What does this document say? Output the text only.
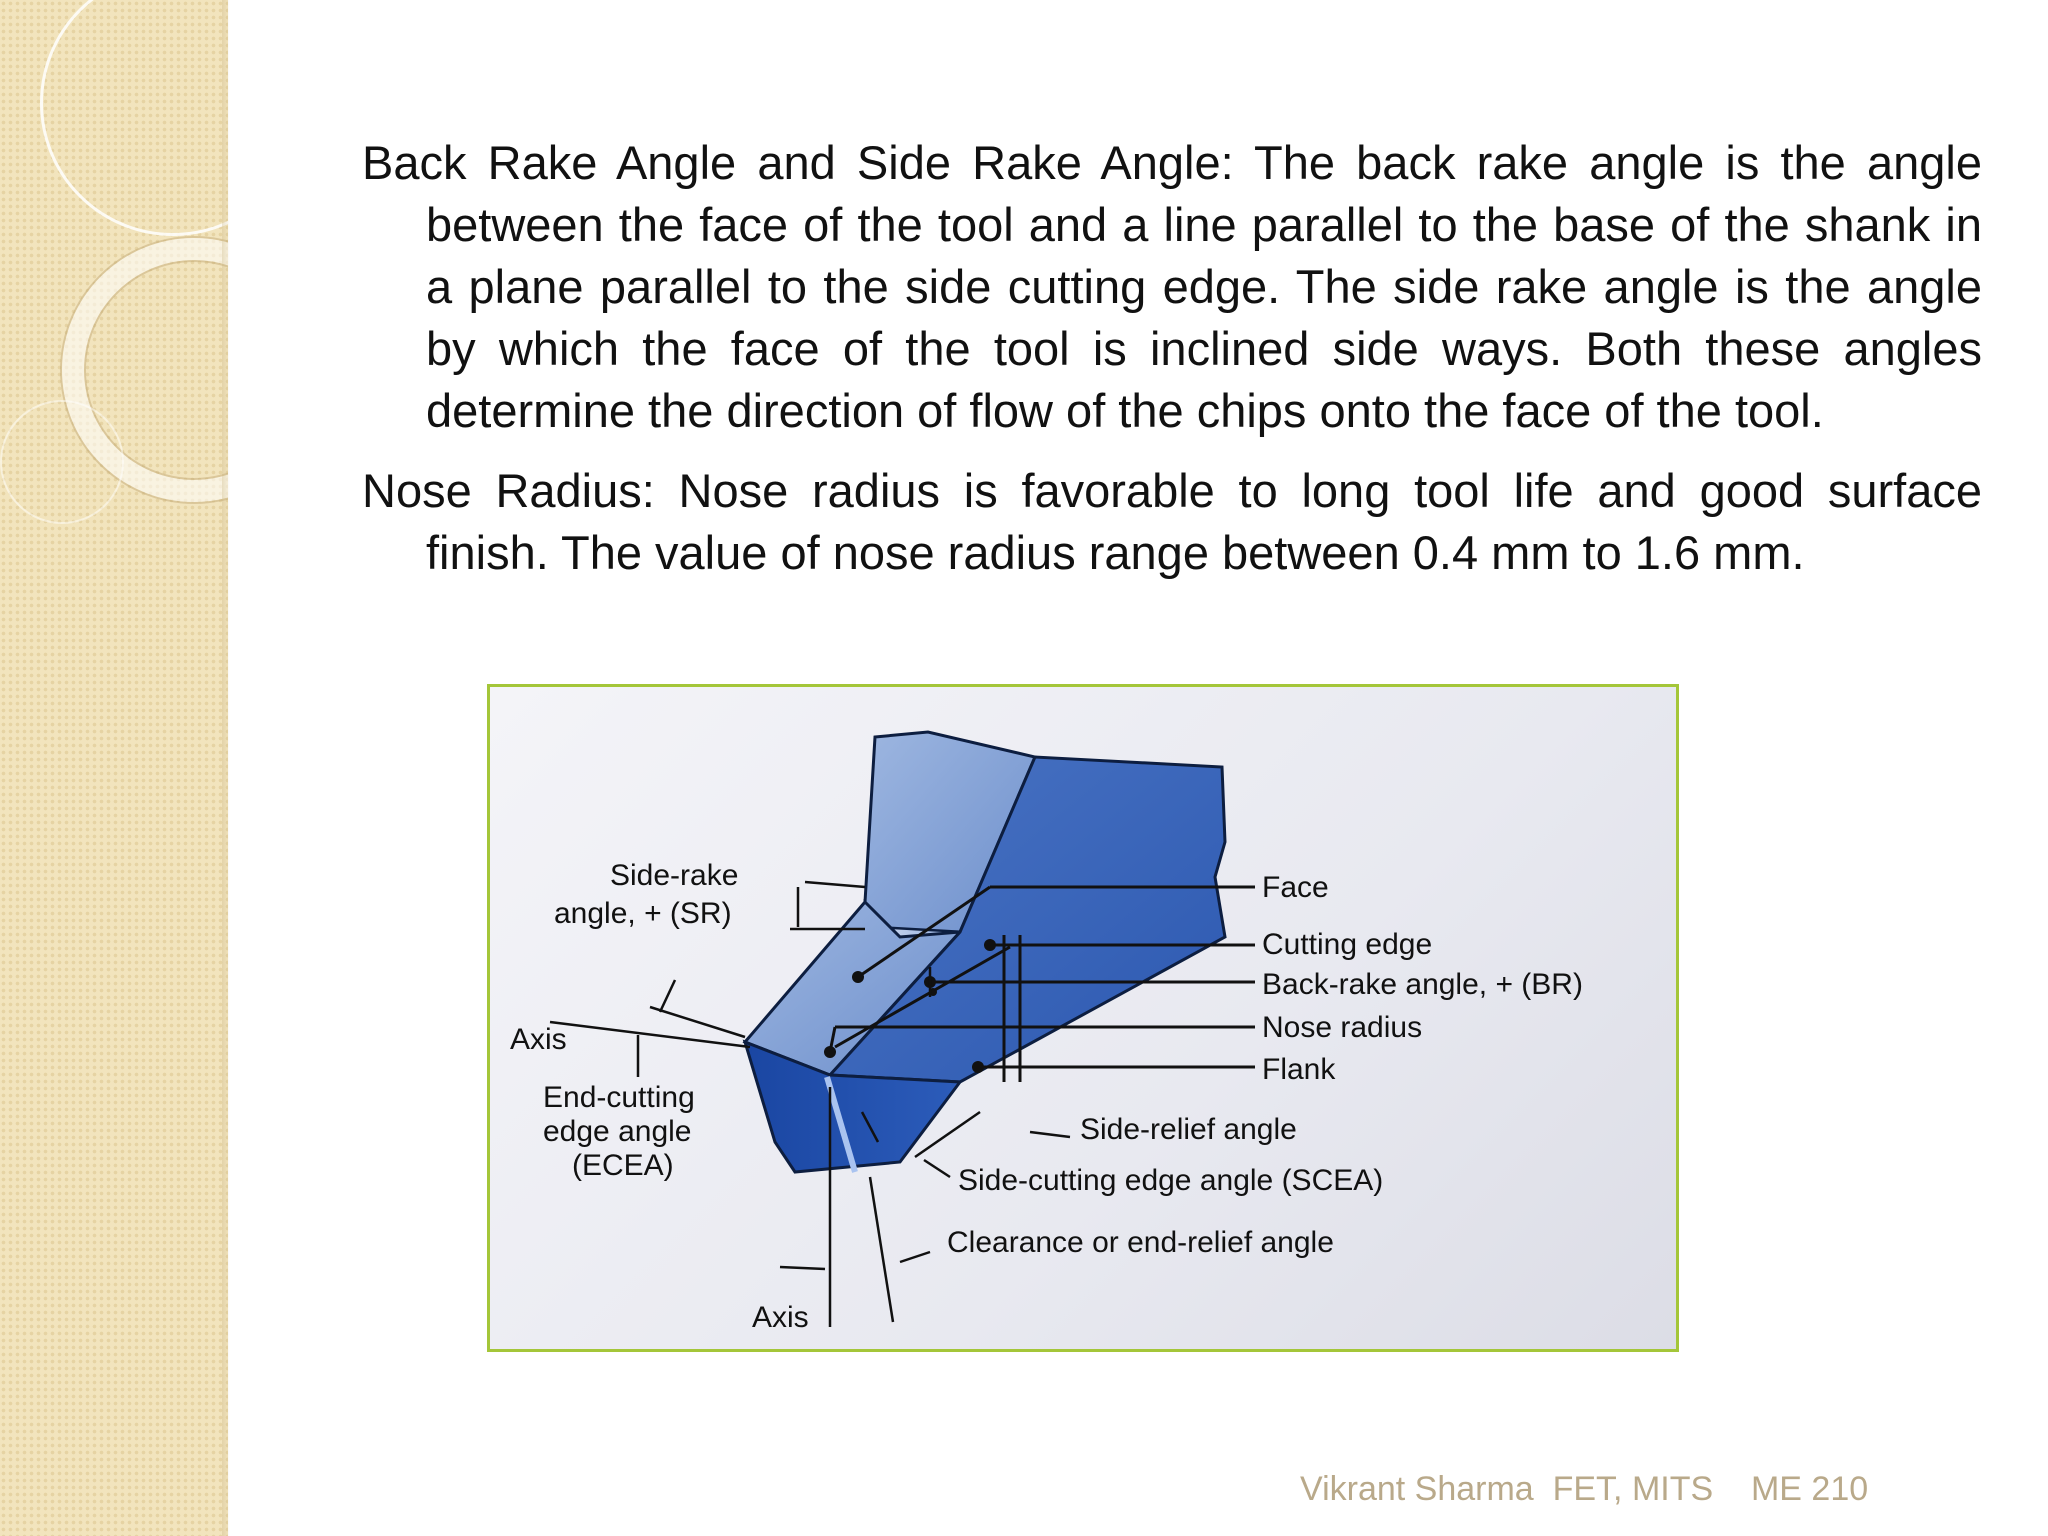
Back Rake Angle and Side Rake Angle: The back rake angle is the angle between the face of the tool and a line parallel to the base of the shank in a plane parallel to the side cutting edge. The side rake angle is the angle by which the face of the tool is inclined side ways. Both these angles determine the direction of flow of the chips onto the face of the tool.

Nose Radius: Nose radius is favorable to long tool life and good surface finish. The value of nose radius range between 0.4 mm to 1.6 mm.

Side-rake
angle, + (SR)
Axis
End-cutting
edge angle
(ECEA)
Axis
Face
Cutting edge
Back-rake angle, + (BR)
Nose radius
Flank
Side-relief angle
Side-cutting edge angle (SCEA)
Clearance or end-relief angle
Vikrant Sharma FET, MITS ME 210
